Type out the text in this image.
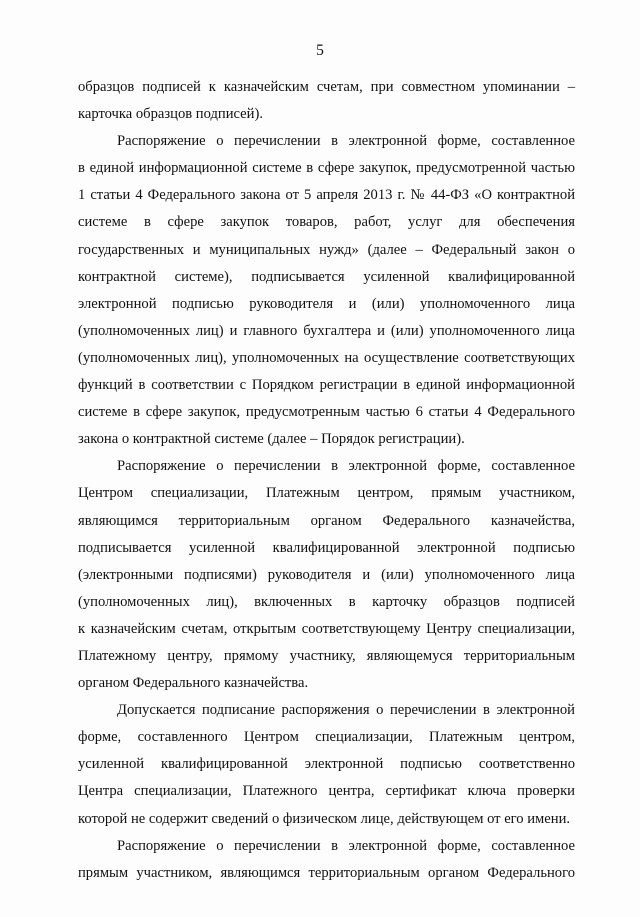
5
образцов подписей к казначейским счетам, при совместном упоминании –
карточка образцов подписей).
Распоряжение о перечислении в электронной форме, составленное
в единой информационной системе в сфере закупок, предусмотренной частью
1 статьи 4 Федерального закона от 5 апреля 2013 г. № 44-ФЗ «О контрактной
системе в сфере закупок товаров, работ, услуг для обеспечения
государственных и муниципальных нужд» (далее – Федеральный закон о
контрактной системе), подписывается усиленной квалифицированной
электронной подписью руководителя и (или) уполномоченного лица
(уполномоченных лиц) и главного бухгалтера и (или) уполномоченного лица
(уполномоченных лиц), уполномоченных на осуществление соответствующих
функций в соответствии с Порядком регистрации в единой информационной
системе в сфере закупок, предусмотренным частью 6 статьи 4 Федерального
закона о контрактной системе (далее – Порядок регистрации).
Распоряжение о перечислении в электронной форме, составленное
Центром специализации, Платежным центром, прямым участником,
являющимся территориальным органом Федерального казначейства,
подписывается усиленной квалифицированной электронной подписью
(электронными подписями) руководителя и (или) уполномоченного лица
(уполномоченных лиц), включенных в карточку образцов подписей
к казначейским счетам, открытым соответствующему Центру специализации,
Платежному центру, прямому участнику, являющемуся территориальным
органом Федерального казначейства.
Допускается подписание распоряжения о перечислении в электронной
форме, составленного Центром специализации, Платежным центром,
усиленной квалифицированной электронной подписью соответственно
Центра специализации, Платежного центра, сертификат ключа проверки
которой не содержит сведений о физическом лице, действующем от его имени.
Распоряжение о перечислении в электронной форме, составленное
прямым участником, являющимся территориальным органом Федерального
